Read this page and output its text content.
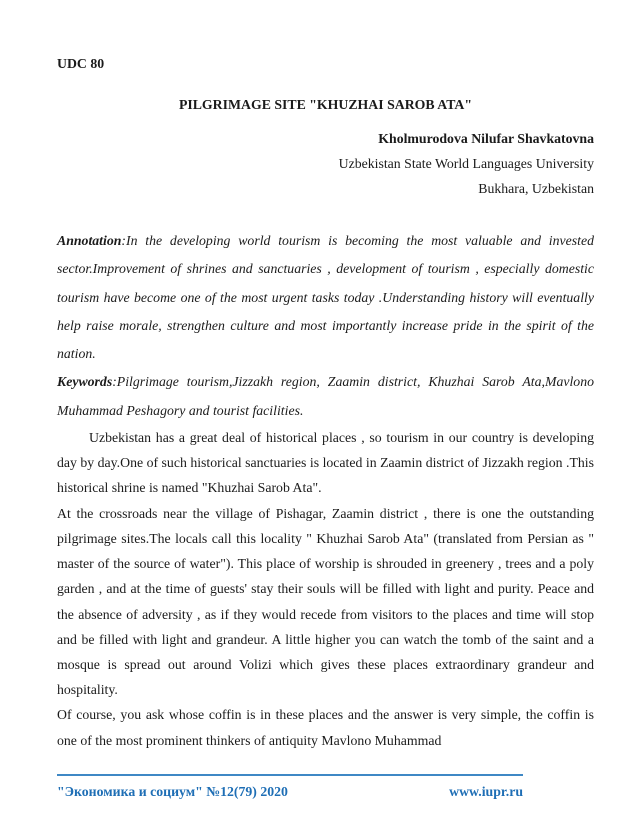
UDC 80
PILGRIMAGE SITE "KHUZHAI SAROB ATA"
Kholmurodova Nilufar Shavkatovna
Uzbekistan State World Languages University
Bukhara, Uzbekistan

Annotation:In the developing world tourism is becoming the most valuable and invested sector.Improvement of shrines and sanctuaries , development of tourism , especially domestic tourism have become one of the most urgent tasks today .Understanding history will eventually help raise morale, strengthen culture and most importantly increase pride in the spirit of the nation.

Keywords:Pilgrimage tourism,Jizzakh region, Zaamin district, Khuzhai Sarob Ata,Mavlono Muhammad Peshagory and tourist facilities.

Uzbekistan has a great deal of historical places , so tourism in our country is developing day by day.One of such historical sanctuaries is located in Zaamin district of Jizzakh region .This historical shrine is named "Khuzhai Sarob Ata".

At the crossroads near the village of Pishagar, Zaamin district , there is one the outstanding pilgrimage sites.The locals call this locality " Khuzhai Sarob Ata" (translated from Persian as " master of the source of water"). This place of worship is shrouded in greenery , trees and a poly garden , and at the time of guests' stay their souls will be filled with light and purity. Peace and the absence of adversity , as if they would recede from visitors to the places and time will stop and be filled with light and grandeur. A little higher you can watch the tomb of the saint and a mosque is spread out around Volizi which gives these places extraordinary grandeur and hospitality.

Of course, you ask whose coffin is in these places and the answer is very simple, the coffin is one of the most prominent thinkers of antiquity Mavlono Muhammad

"Экономика и социум" №12(79) 2020	www.iupr.ru
